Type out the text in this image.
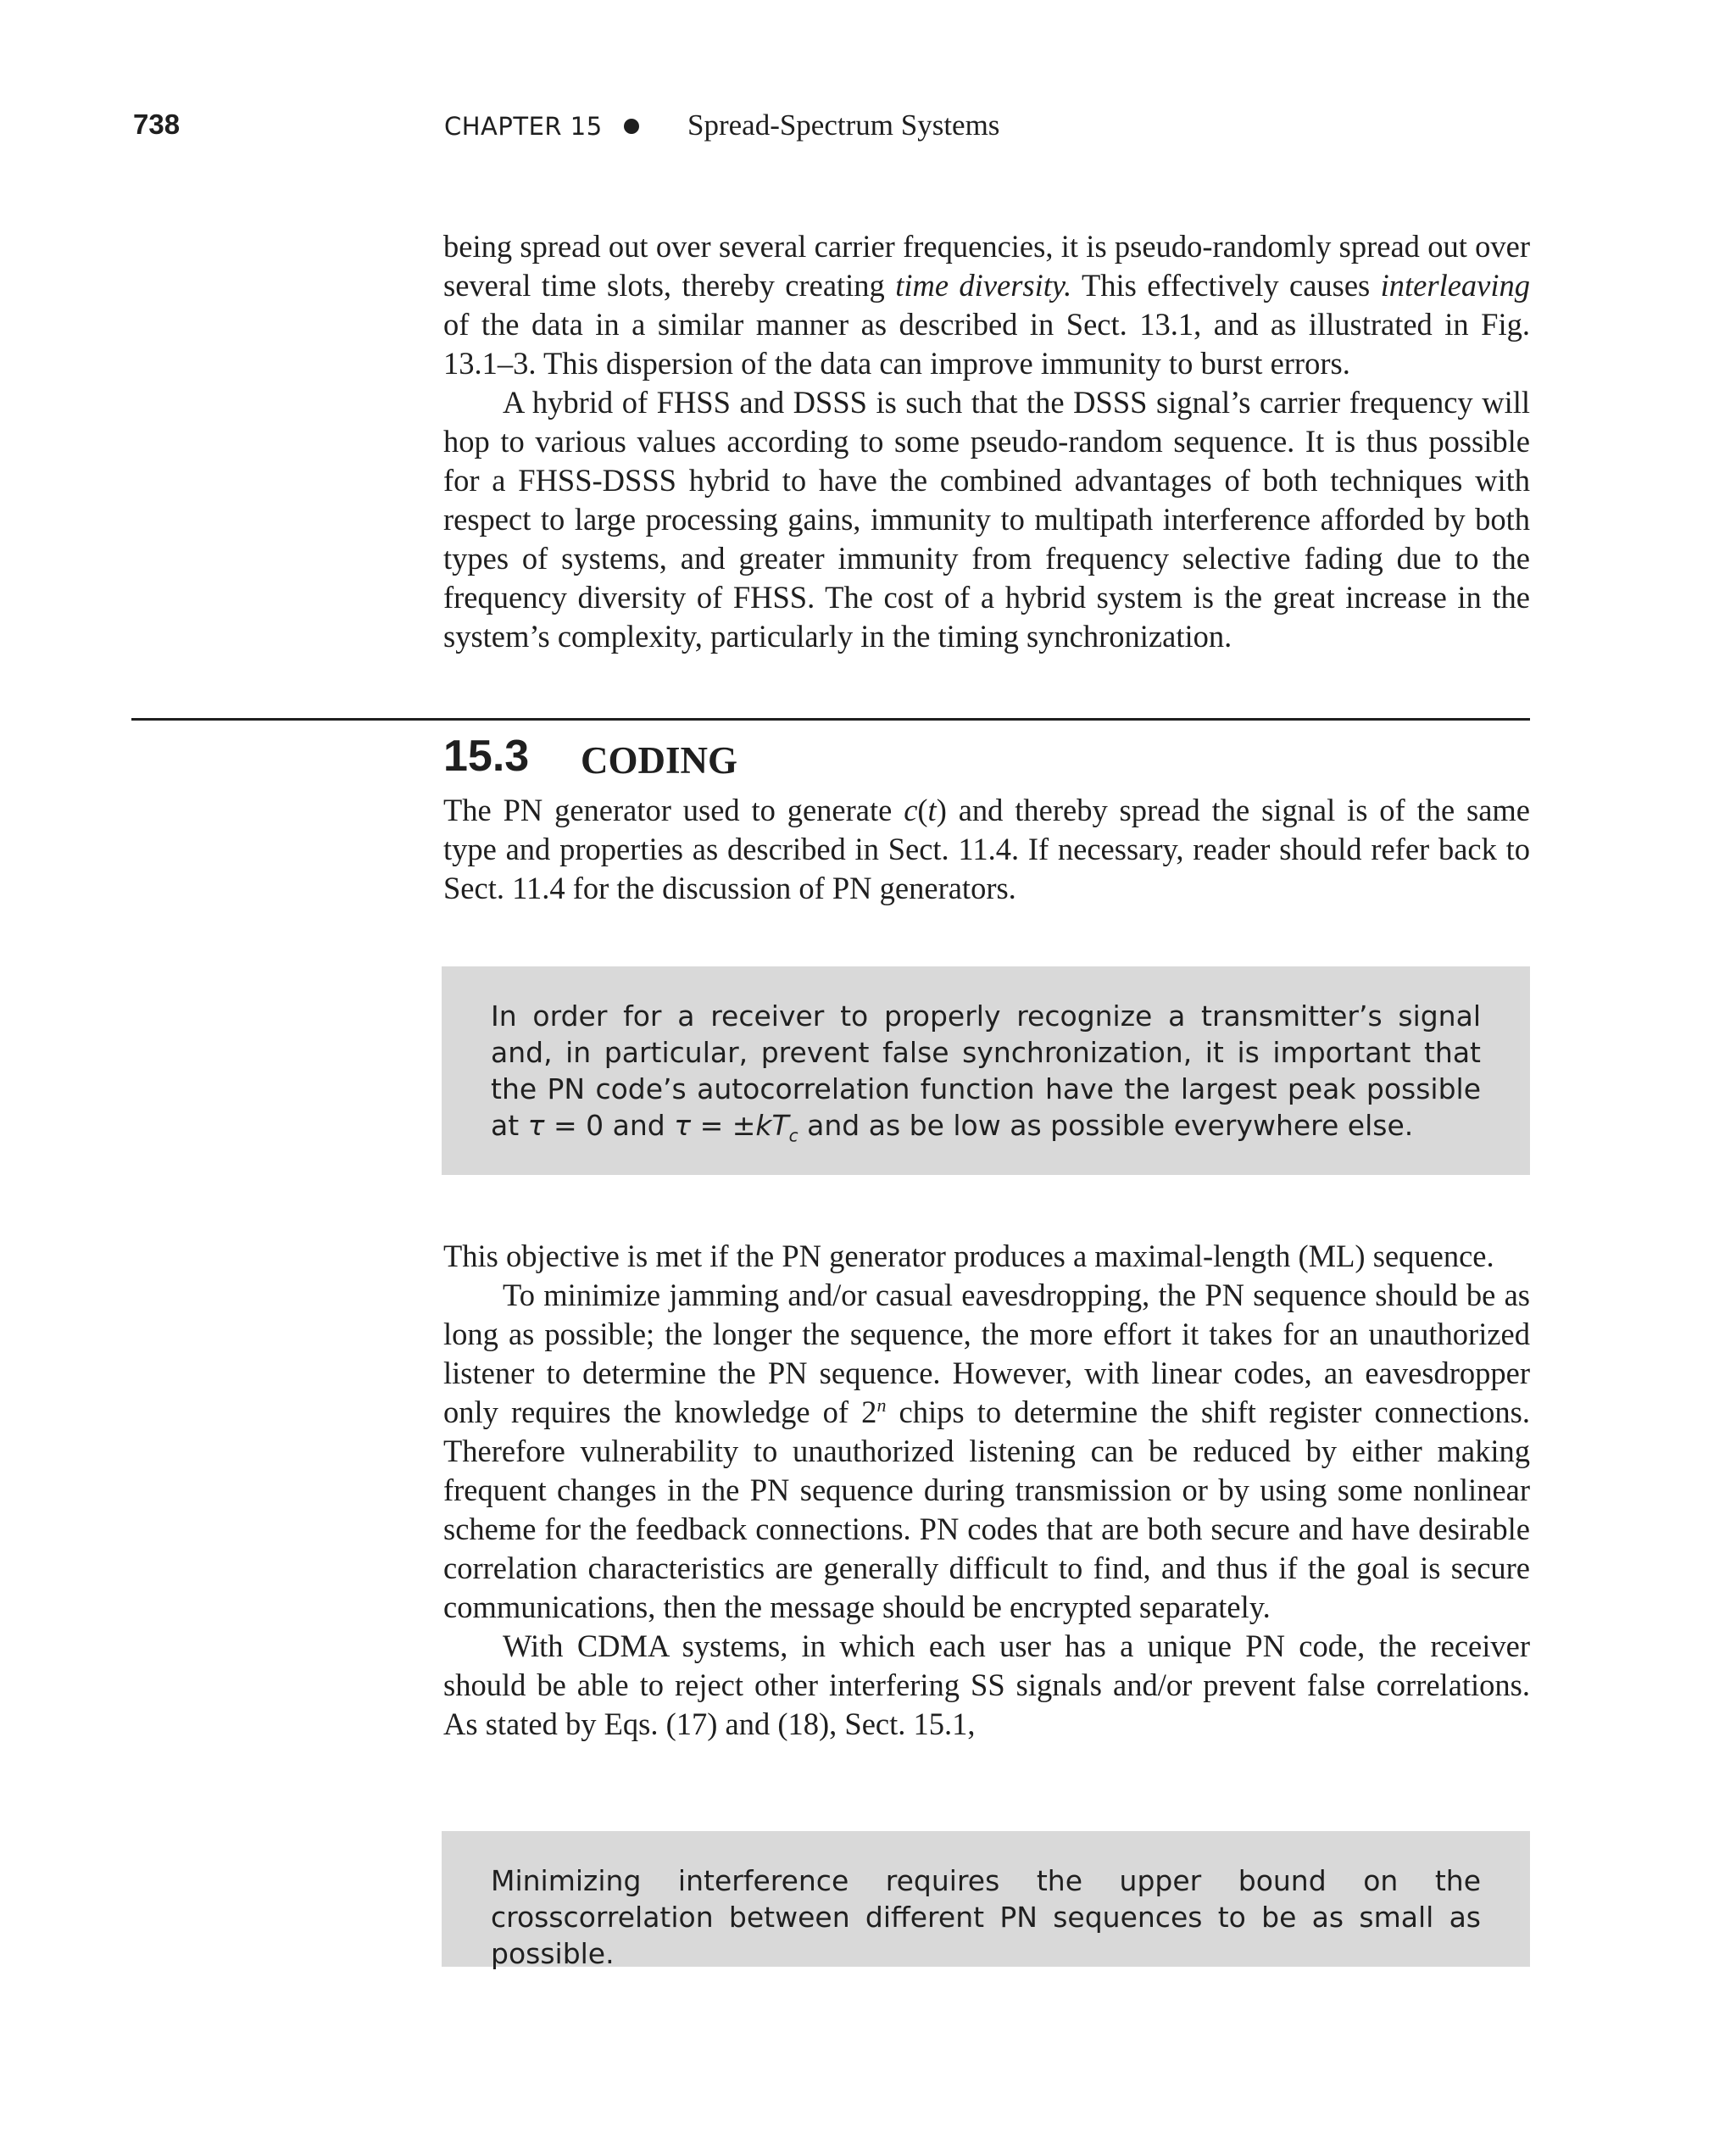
738	CHAPTER 15	Spread-Spectrum Systems

being spread out over several carrier frequencies, it is pseudo-randomly spread out over several time slots, thereby creating time diversity. This effectively causes interleaving of the data in a similar manner as described in Sect. 13.1, and as illustrated in Fig. 13.1–3. This dispersion of the data can improve immunity to burst errors.

A hybrid of FHSS and DSSS is such that the DSSS signal’s carrier frequency will hop to various values according to some pseudo-random sequence. It is thus possible for a FHSS-DSSS hybrid to have the combined advantages of both techniques with respect to large processing gains, immunity to multipath interference afforded by both types of systems, and greater immunity from frequency selective fading due to the frequency diversity of FHSS. The cost of a hybrid system is the great increase in the system’s complexity, particularly in the timing synchronization.

15.3 CODING

The PN generator used to generate c(t) and thereby spread the signal is of the same type and properties as described in Sect. 11.4. If necessary, reader should refer back to Sect. 11.4 for the discussion of PN generators.

In order for a receiver to properly recognize a transmitter’s signal and, in particular, prevent false synchronization, it is important that the PN code’s autocorrelation function have the largest peak possible at τ = 0 and $\tau = \pm kT_c$ and as be low as possible everywhere else.

This objective is met if the PN generator produces a maximal-length (ML) sequence.

To minimize jamming and/or casual eavesdropping, the PN sequence should be as long as possible; the longer the sequence, the more effort it takes for an unauthorized listener to determine the PN sequence. However, with linear codes, an eavesdropper only requires the knowledge of 2$^n$ chips to determine the shift register connections. Therefore vulnerability to unauthorized listening can be reduced by either making frequent changes in the PN sequence during transmission or by using some nonlinear scheme for the feedback connections. PN codes that are both secure and have desirable correlation characteristics are generally difficult to find, and thus if the goal is secure communications, then the message should be encrypted separately.

With CDMA systems, in which each user has a unique PN code, the receiver should be able to reject other interfering SS signals and/or prevent false correlations. As stated by Eqs. (17) and (18), Sect. 15.1,

Minimizing interference requires the upper bound on the crosscorrelation between different PN sequences to be as small as possible.
